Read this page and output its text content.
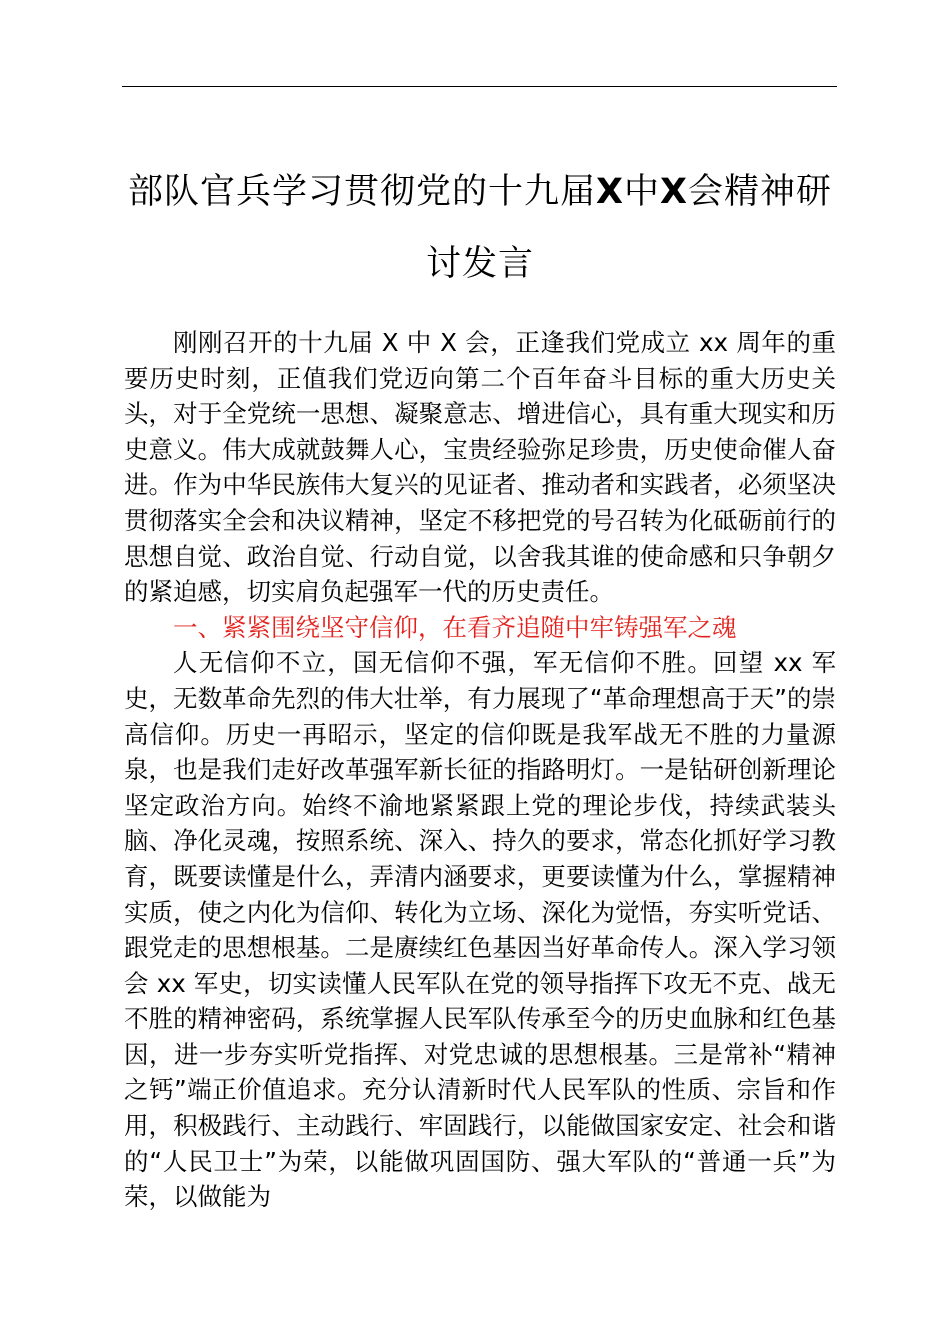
部队官兵学习贯彻党的十九届X中X会精神研
讨发言

刚刚召开的十九届 X 中 X 会，正逢我们党成立 xx 周年的重要历史时刻，正值我们党迈向第二个百年奋斗目标的重大历史关头，对于全党统一思想、凝聚意志、增进信心，具有重大现实和历史意义。伟大成就鼓舞人心，宝贵经验弥足珍贵，历史使命催人奋进。作为中华民族伟大复兴的见证者、推动者和实践者，必须坚决贯彻落实全会和决议精神，坚定不移把党的号召转为化砥砺前行的思想自觉、政治自觉、行动自觉，以舍我其谁的使命感和只争朝夕的紧迫感，切实肩负起强军一代的历史责任。

一、紧紧围绕坚守信仰，在看齐追随中牢铸强军之魂

人无信仰不立，国无信仰不强，军无信仰不胜。回望 xx 军史，无数革命先烈的伟大壮举，有力展现了“革命理想高于天”的崇高信仰。历史一再昭示，坚定的信仰既是我军战无不胜的力量源泉，也是我们走好改革强军新长征的指路明灯。一是钻研创新理论坚定政治方向。始终不渝地紧紧跟上党的理论步伐，持续武装头脑、净化灵魂，按照系统、深入、持久的要求，常态化抓好学习教育，既要读懂是什么，弄清内涵要求，更要读懂为什么，掌握精神实质，使之内化为信仰、转化为立场、深化为觉悟，夯实听党话、跟党走的思想根基。二是赓续红色基因当好革命传人。深入学习领会 xx 军史，切实读懂人民军队在党的领导指挥下攻无不克、战无不胜的精神密码，系统掌握人民军队传承至今的历史血脉和红色基因，进一步夯实听党指挥、对党忠诚的思想根基。三是常补“精神之钙”端正价值追求。充分认清新时代人民军队的性质、宗旨和作用，积极践行、主动践行、牢固践行，以能做国家安定、社会和谐的“人民卫士”为荣，以能做巩固国防、强大军队的“普通一兵”为荣，以做能为
